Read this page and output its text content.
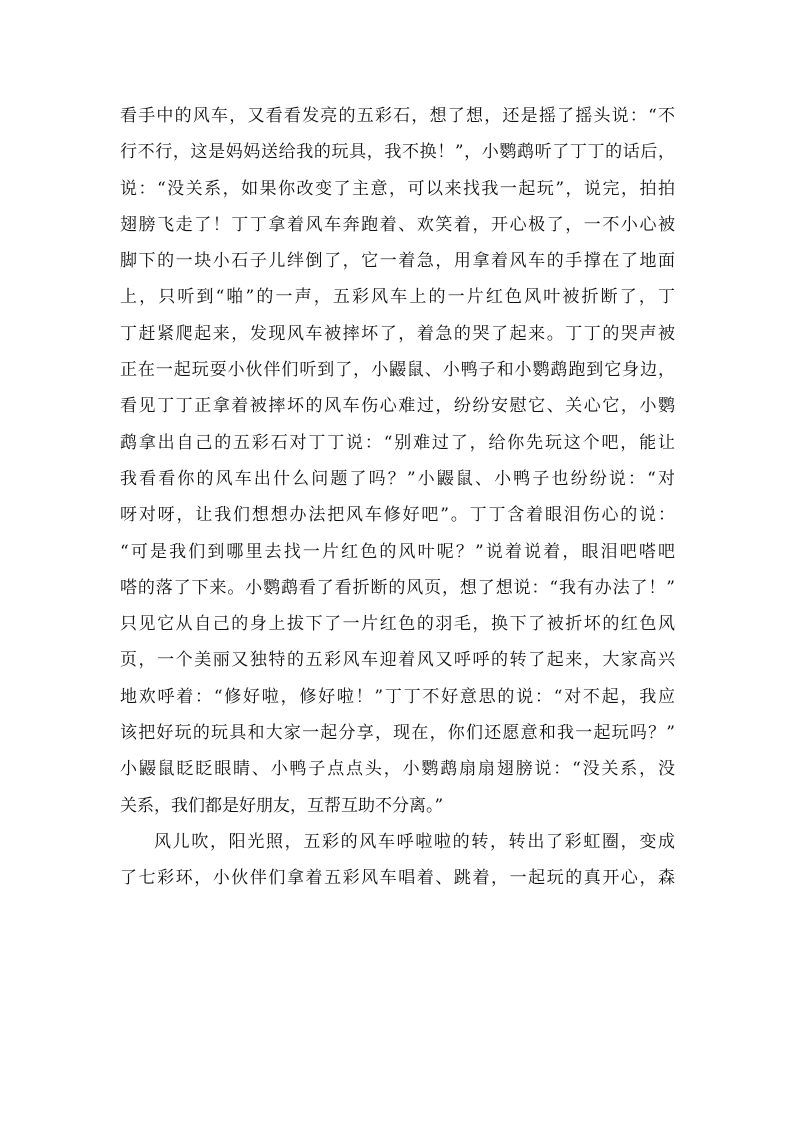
看手中的风车，又看看发亮的五彩石，想了想，还是摇了摇头说：“不
行不行，这是妈妈送给我的玩具，我不换！”，小鹦鹉听了丁丁的话后，
说：“没关系，如果你改变了主意，可以来找我一起玩”，说完，拍拍
翅膀飞走了！丁丁拿着风车奔跑着、欢笑着，开心极了，一不小心被
脚下的一块小石子儿绊倒了，它一着急，用拿着风车的手撑在了地面
上，只听到“啪”的一声，五彩风车上的一片红色风叶被折断了，丁
丁赶紧爬起来，发现风车被摔坏了，着急的哭了起来。丁丁的哭声被
正在一起玩耍小伙伴们听到了，小鼹鼠、小鸭子和小鹦鹉跑到它身边，
看见丁丁正拿着被摔坏的风车伤心难过，纷纷安慰它、关心它，小鹦
鹉拿出自己的五彩石对丁丁说：“别难过了，给你先玩这个吧，能让
我看看你的风车出什么问题了吗？”小鼹鼠、小鸭子也纷纷说：“对
呀对呀，让我们想想办法把风车修好吧”。丁丁含着眼泪伤心的说：
“可是我们到哪里去找一片红色的风叶呢？”说着说着，眼泪吧嗒吧
嗒的落了下来。小鹦鹉看了看折断的风页，想了想说：“我有办法了！”
只见它从自己的身上拔下了一片红色的羽毛，换下了被折坏的红色风
页，一个美丽又独特的五彩风车迎着风又呼呼的转了起来，大家高兴
地欢呼着：“修好啦，修好啦！”丁丁不好意思的说：“对不起，我应
该把好玩的玩具和大家一起分享，现在，你们还愿意和我一起玩吗？”
小鼹鼠眨眨眼睛、小鸭子点点头，小鹦鹉扇扇翅膀说：“没关系，没
关系，我们都是好朋友，互帮互助不分离。”
风儿吹，阳光照，五彩的风车呼啦啦的转，转出了彩虹圈，变成
了七彩环，小伙伴们拿着五彩风车唱着、跳着，一起玩的真开心，森
